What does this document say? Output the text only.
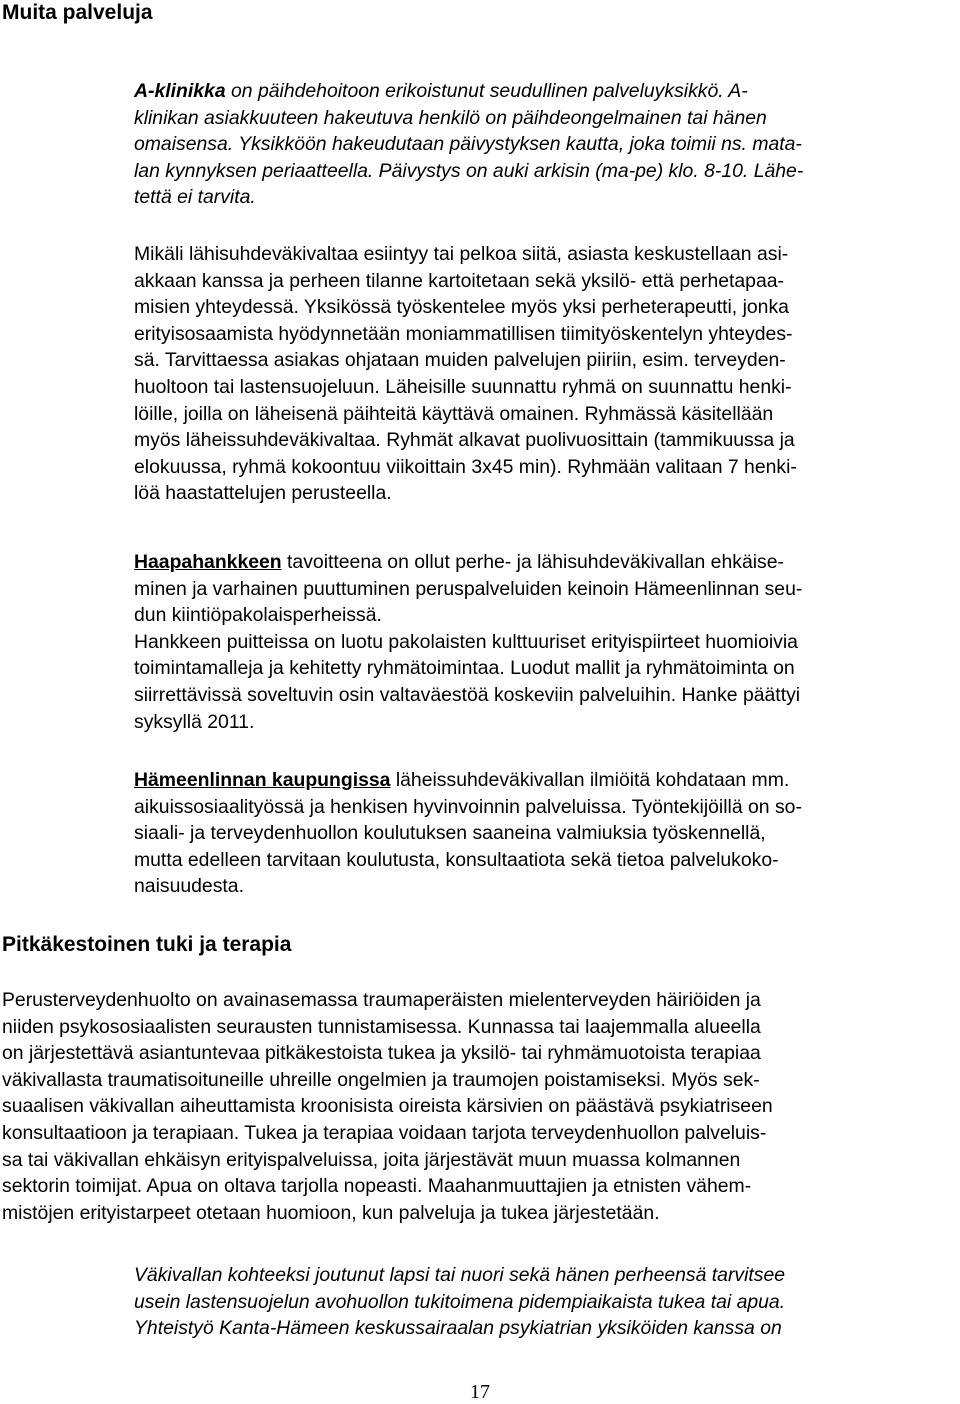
Muita palveluja
A-klinikka on päihdehoitoon erikoistunut seudullinen palveluyksikkö. A-
klinikan asiakkuuteen hakeutuva henkilö on päihdeongelmainen tai hänen
omaisensa. Yksikköön hakeudutaan päivystyksen kautta, joka toimii ns. mata-
lan kynnyksen periaatteella. Päivystys on auki arkisin (ma-pe) klo. 8-10. Lähe-
tettä ei tarvita.
Mikäli lähisuhdeväkivaltaa esiintyy tai pelkoa siitä, asiasta keskustellaan asi-
akkaan kanssa ja perheen tilanne kartoitetaan sekä yksilö- että perhetapaa-
misien yhteydessä. Yksikössä työskentelee myös yksi perheterapeutti, jonka
erityisosaamista hyödynnetään moniammatillisen tiimityöskentelyn yhteydes-
sä. Tarvittaessa asiakas ohjataan muiden palvelujen piiriin, esim. terveyden-
huoltoon tai lastensuojeluun. Läheisille suunnattu ryhmä on suunnattu henki-
löille, joilla on läheisenä päihteitä käyttävä omainen. Ryhmässä käsitellään
myös läheissuhdeväkivaltaa. Ryhmät alkavat puolivuosittain (tammikuussa ja
elokuussa, ryhmä kokoontuu viikoittain 3x45 min). Ryhmään valitaan 7 henki-
löä haastattelujen perusteella.
Haapahankkeen tavoitteena on ollut perhe- ja lähisuhdeväkivallan ehkäise-
minen ja varhainen puuttuminen peruspalveluiden keinoin Hämeenlinnan seu-
dun kiintiöpakolaisperheissä.
Hankkeen puitteissa on luotu pakolaisten kulttuuriset erityispiirteet huomioivia
toimintamalleja ja kehitetty ryhmätoimintaa. Luodut mallit ja ryhmätoiminta on
siirrettävissä soveltuvin osin valtaväestöä koskeviin palveluihin. Hanke päättyi
syksyllä 2011.
Hämeenlinnan kaupungissa läheissuhdeväkivallan ilmiöitä kohdataan mm.
aikuissosiaalityössä ja henkisen hyvinvoinnin palveluissa. Työntekijöillä on so-
siaali- ja terveydenhuollon koulutuksen saaneina valmiuksia työskennellä,
mutta edelleen tarvitaan koulutusta, konsultaatiota sekä tietoa palvelukoko-
naisuudesta.
Pitkäkestoinen tuki ja terapia
Perusterveydenhuolto on avainasemassa traumaperäisten mielenterveyden häiriöiden ja
niiden psykososiaalisten seurausten tunnistamisessa. Kunnassa tai laajemmalla alueella
on järjestettävä asiantuntevaa pitkäkestoista tukea ja yksilö- tai ryhmämuotoista terapiaa
väkivallasta traumatisoituneille uhreille ongelmien ja traumojen poistamiseksi. Myös sek-
suaalisen väkivallan aiheuttamista kroonisista oireista kärsivien on päästävä psykiatriseen
konsultaatioon ja terapiaan. Tukea ja terapiaa voidaan tarjota terveydenhuollon palveluis-
sa tai väkivallan ehkäisyn erityispalveluissa, joita järjestävät muun muassa kolmannen
sektorin toimijat. Apua on oltava tarjolla nopeasti. Maahanmuuttajien ja etnisten vähem-
mistöjen erityistarpeet otetaan huomioon, kun palveluja ja tukea järjestetään.
Väkivallan kohteeksi joutunut lapsi tai nuori sekä hänen perheensä tarvitsee
usein lastensuojelun avohuollon tukitoimena pidempiaikaista tukea tai apua.
Yhteistyö Kanta-Hämeen keskussairaalan psykiatrian yksiköiden kanssa on
17
